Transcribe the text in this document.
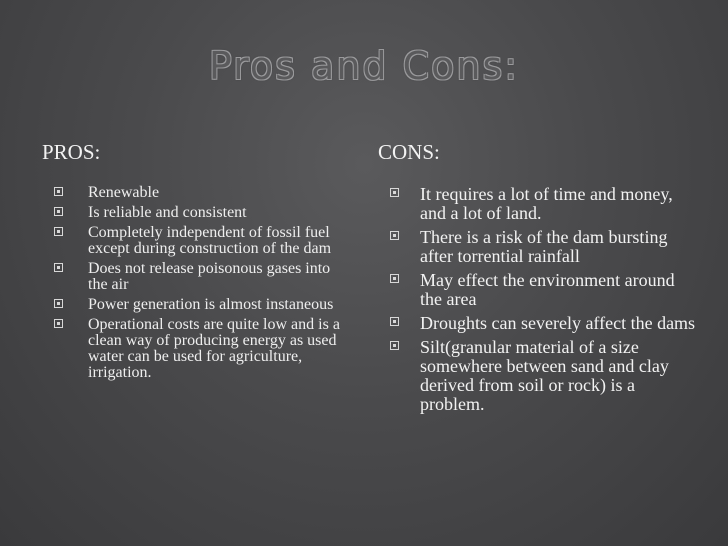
Pros and Cons:
PROS:
Renewable
Is reliable and consistent
Completely independent of fossil fuel except during construction of the dam
Does not release poisonous gases into the air
Power generation is almost instaneous
Operational costs are quite low and is a clean way of producing energy as used water can be used for agriculture, irrigation.
CONS:
It requires a lot of time and money, and a lot of land.
There is a risk of the dam bursting after torrential rainfall
May effect the environment around the area
Droughts can severely affect the dams
Silt(granular material of a size somewhere between sand and clay derived from soil or rock) is a problem.
